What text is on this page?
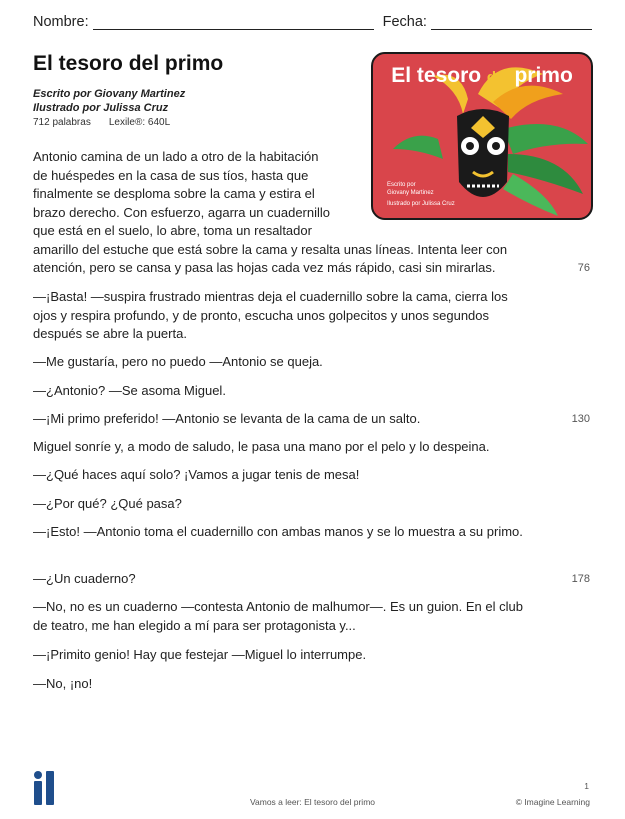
Nombre:	Fecha:
El tesoro del primo
Escrito por Giovany Martinez
Ilustrado por Julissa Cruz
712 palabras Lexile®: 640L
El tesoro del primo
Escrito por
Giovany Martinez
Ilustrado por Julissa Cruz
Antonio camina de un lado a otro de la habitación
de huéspedes en la casa de sus tíos, hasta que
finalmente se desploma sobre la cama y estira el
brazo derecho. Con esfuerzo, agarra un cuadernillo
que está en el suelo, lo abre, toma un resaltador
amarillo del estuche que está sobre la cama y resalta unas líneas. Intenta leer con
atención, pero se cansa y pasa las hojas cada vez más rápido, casi sin mirarlas.	76

—¡Basta! —suspira frustrado mientras deja el cuadernillo sobre la cama, cierra los ojos y respira profundo, y de pronto, escucha unos golpecitos y unos segundos después se abre la puerta.

—Me gustaría, pero no puedo —Antonio se queja.

—¿Antonio? —Se asoma Miguel.

—¡Mi primo preferido! —Antonio se levanta de la cama de un salto.	130

Miguel sonríe y, a modo de saludo, le pasa una mano por el pelo y lo despeina.

—¿Qué haces aquí solo? ¡Vamos a jugar tenis de mesa!

—¿Por qué? ¿Qué pasa?

—¡Esto! —Antonio toma el cuadernillo con ambas manos y se lo muestra a su primo.

—¿Un cuaderno?	178

—No, no es un cuaderno —contesta Antonio de malhumor—. Es un guion. En el club de teatro, me han elegido a mí para ser protagonista y...

—¡Primito genio! Hay que festejar —Miguel lo interrumpe.

—No, ¡no!

1
Vamos a leer: El tesoro del primo	© Imagine Learning
